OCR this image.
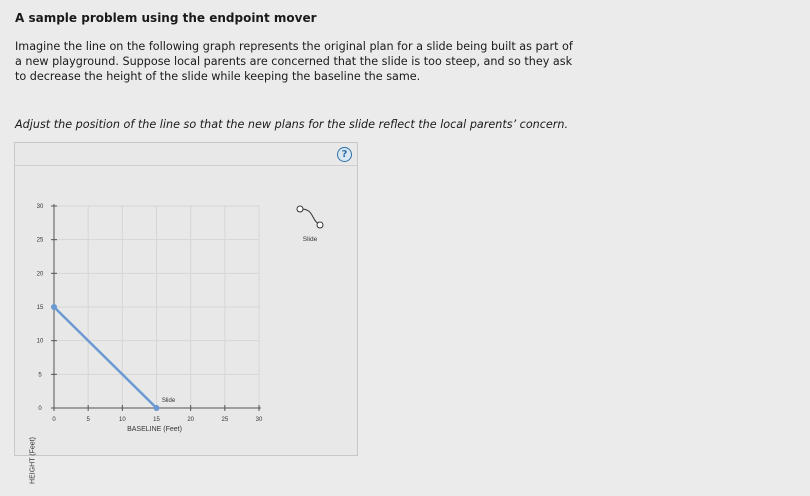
A sample problem using the endpoint mover
Imagine the line on the following graph represents the original plan for a slide being built as part of
a new playground. Suppose local parents are concerned that the slide is too steep, and so they ask
to decrease the height of the slide while keeping the baseline the same.
Adjust the position of the line so that the new plans for the slide reflect the local parents’ concern.
?
0	5	10	15	20	25	30
0
5
10
15
20
25
30
BASELINE (Feet)
Slide
Slide
HEIGHT (Feet)
